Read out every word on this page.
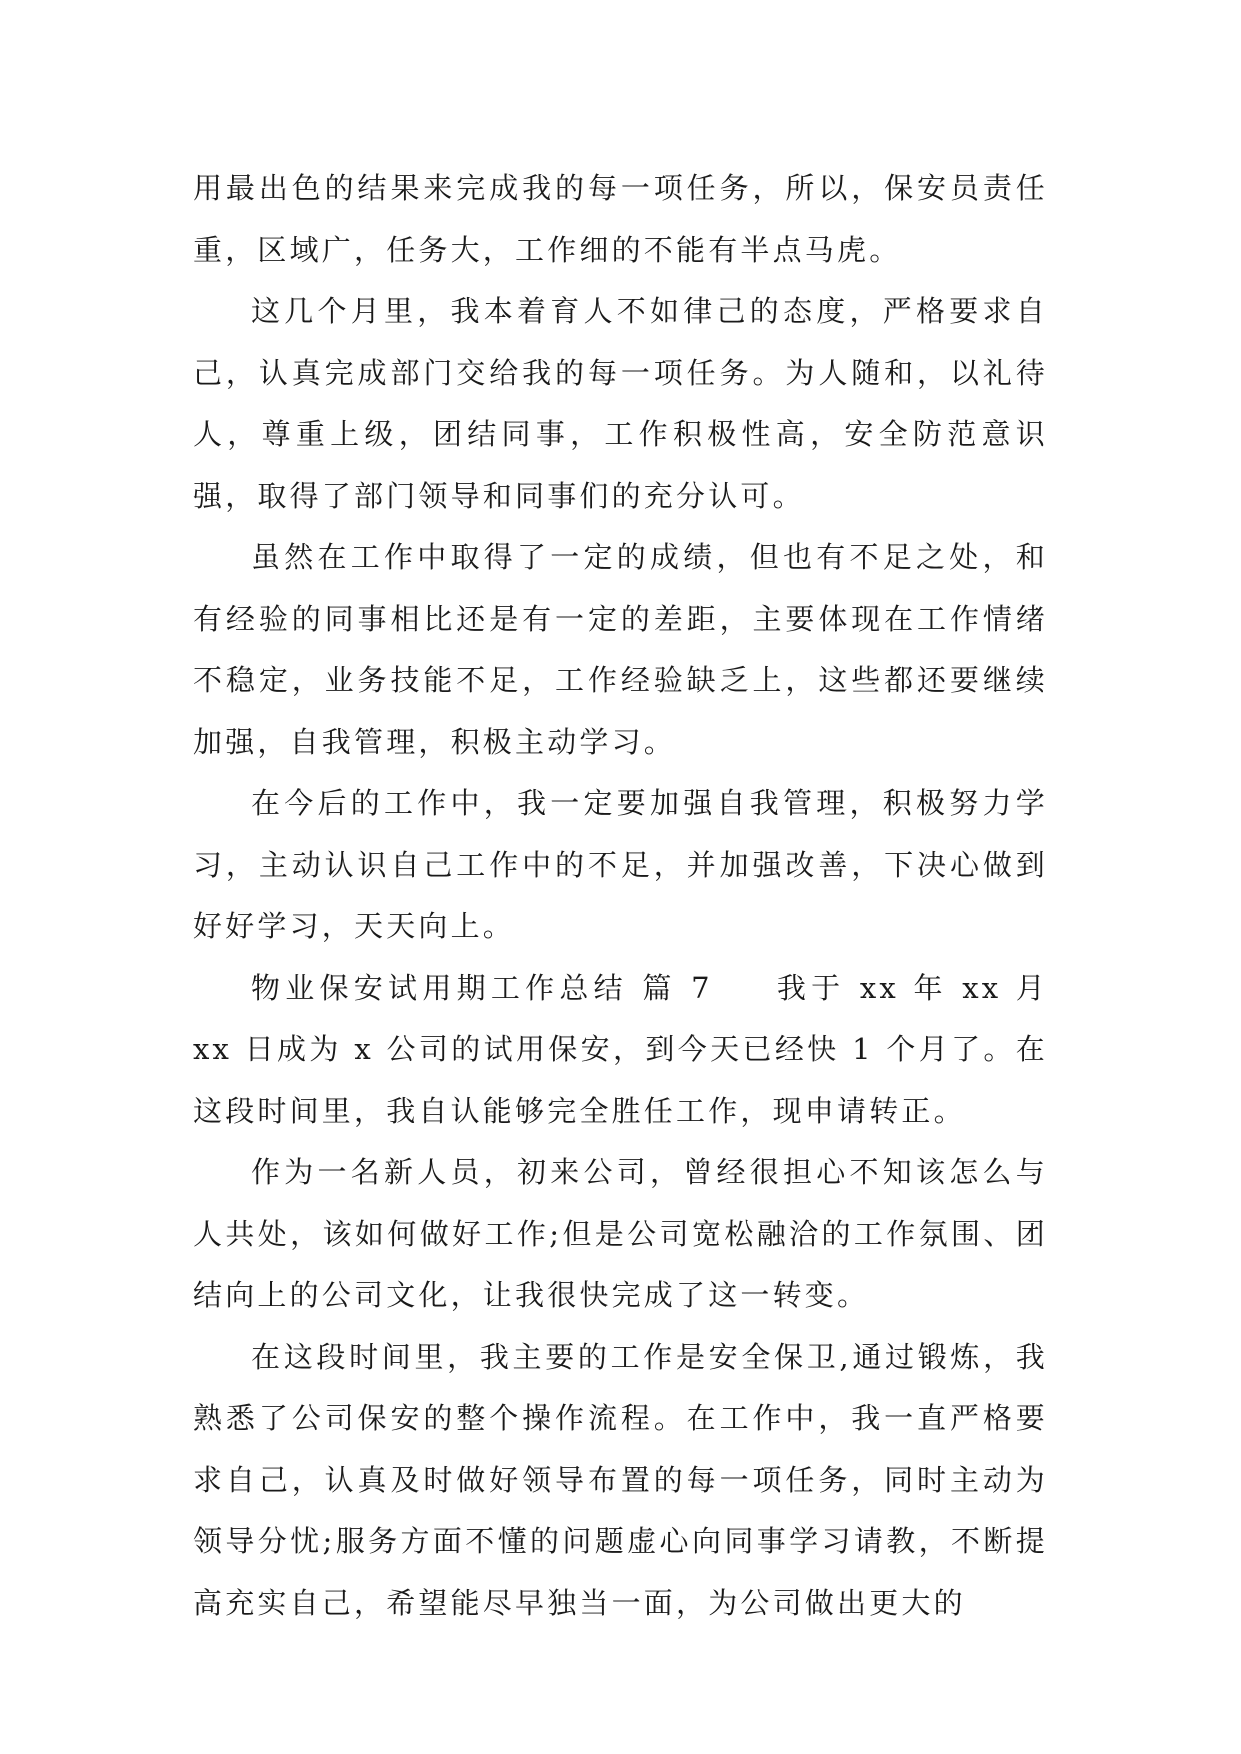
用最出色的结果来完成我的每一项任务，所以，保安员责任重，区域广，任务大，工作细的不能有半点马虎。

这几个月里，我本着育人不如律己的态度，严格要求自己，认真完成部门交给我的每一项任务。为人随和，以礼待人，尊重上级，团结同事，工作积极性高，安全防范意识强，取得了部门领导和同事们的充分认可。

虽然在工作中取得了一定的成绩，但也有不足之处，和有经验的同事相比还是有一定的差距，主要体现在工作情绪不稳定，业务技能不足，工作经验缺乏上，这些都还要继续加强，自我管理，积极主动学习。

在今后的工作中，我一定要加强自我管理，积极努力学习，主动认识自己工作中的不足，并加强改善，下决心做到好好学习，天天向上。

物业保安试用期工作总结 篇 7 我于 xx 年 xx 月 xx 日成为 x 公司的试用保安，到今天已经快 1 个月了。在这段时间里，我自认能够完全胜任工作，现申请转正。

作为一名新人员，初来公司，曾经很担心不知该怎么与人共处，该如何做好工作;但是公司宽松融洽的工作氛围、团结向上的公司文化，让我很快完成了这一转变。

在这段时间里，我主要的工作是安全保卫,通过锻炼，我熟悉了公司保安的整个操作流程。在工作中，我一直严格要求自己，认真及时做好领导布置的每一项任务，同时主动为领导分忧;服务方面不懂的问题虚心向同事学习请教，不断提高充实自己，希望能尽早独当一面，为公司做出更大的
